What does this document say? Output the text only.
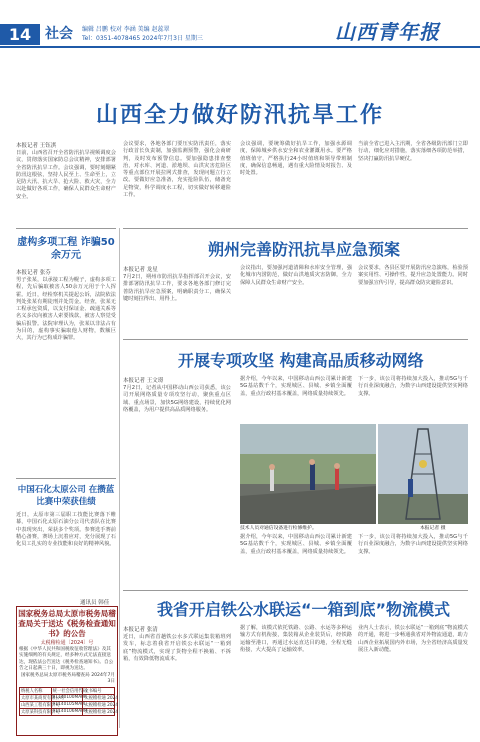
14 社会 编辑 吕鹏 校对 李涵 美编 赵蕊翠
Tel：0351-4078465 2024年7月3日 星期三	山西青年报
山西全力做好防汛抗旱工作
本报记者 王钰淇
日前，山西省召开全省防汛抗旱视频调度会议，贯彻落实国家防总会议精神，安排部署全省防汛抗旱工作。会议强调，要时刻绷紧防汛这根弦，坚持人民至上、生命至上，立足防大汛、抗大旱、抢大险、救大灾，全力以赴做好各项工作，确保人民群众生命财产安全。
会议要求，各地各部门要压实防汛责任，落实行政首长负责制，加强监测预警，强化会商研判，及时发布预警信息。要加强隐患排查整治，对水库、河道、淤地坝、山洪灾害危险区等重点部位开展拉网式排查，发现问题立行立改。要做好应急准备，充实抢险队伍，储备充足物资，科学调度水工程，切实做好转移避险工作。
会议强调，要统筹做好抗旱工作，加强水源调度，保障城乡供水安全和农业灌溉用水。要严格值班值守，严格执行24小时值班和领导带班制度，确保信息畅通，遇有重大险情及时报告、及时处置。
当前全省已进入主汛期，全省各级防汛部门立即行动，细化应对措施，落实落细各项防范举措，坚决打赢防汛抗旱硬仗。
虚构多项工程 诈骗50余万元
本报记者 张芬
男子张某，以承接工程为幌子，虚构多项工程，先后骗取被害人50余万元用于个人挥霍。近日，经检察机关提起公诉，法院依法判处张某有期徒刑并处罚金。经查，张某无工程承包资质，以支付保证金、疏通关系等名义多次向被害人索要钱款，被害人察觉受骗后报警。法院审理认为，张某以非法占有为目的，虚构事实骗取他人财物，数额巨大，其行为已构成诈骗罪。
中国石化太原公司 在攒蓝比赛中荣获佳绩
近日，太原市第三届职工技能比赛落下帷幕，中国石化太原石油分公司代表队在比赛中表现突出，荣获多个奖项。参赛选手赛前精心备赛，赛场上沉着应对，充分展现了石化员工扎实的专业技能和良好的精神风貌。
通讯员 韩佳
国家税务总局太原市税务局稽查局关于送达《税务检查通知书》的公告
太税稽检通〔2024〕号
根据《中华人民共和国税收征收管理法》及其实施细则的有关规定，经多种方式无法直接送达，现依法公告送达《税务检查通知书》。自公告之日起满三十日，即视为送达。
国家税务总局太原市税务局稽查局 2024年7月3日
纳税人名称	统一社会信用代码	文书编号
太原市某商贸有限公司	91140100MA0K	太税稽检通 2024
山西某工程有限公司	91140105MA0L	太税稽检通 2024
太原某科技有限公司	91140106MA0M	太税稽检通 2024
朔州完善防汛抗旱应急预案
本报记者 龙星
7月2日，朔州市防汛抗旱指挥部召开会议，安排部署防汛抗旱工作，要求各地各部门修订完善防汛抗旱应急预案，明确职责分工，确保关键时刻拉得出、用得上。
会议指出，要加强河道清障和水库安全管理，强化城市内涝防范，做好山洪地质灾害防御，全力保障人民群众生命财产安全。
会议要求，各县区要开展防汛应急演练，检验预案实用性、可操作性，提升应急处置能力。同时要加强宣传引导，提高群众防灾避险意识。
开展专项攻坚 构建高品质移动网络
本报记者 王文璟
7月2日，记者从中国移动山西公司获悉，该公司开展网络质量专项攻坚行动，聚焦重点区域、重点场景，加快5G网络建设，持续优化网络覆盖，为用户提供高品质网络服务。
据介绍，今年以来，中国移动山西公司累计新建5G基站数千个，实现城区、县城、乡镇全面覆盖，重点行政村基本覆盖，网络质量持续领先。
下一步，该公司将持续加大投入，推动5G与千行百业深度融合，为数字山西建设提供坚实网络支撑。
技术人员对通信设备进行检修维护。	本报记者 摄
据介绍，今年以来，中国移动山西公司累计新建5G基站数千个，实现城区、县城、乡镇全面覆盖，重点行政村基本覆盖，网络质量持续领先。
下一步，该公司将持续加大投入，推动5G与千行百业深度融合，为数字山西建设提供坚实网络支撑。
我省开启铁公水联运“一箱到底”物流模式
本报记者 张清
近日，山西省首趟铁公水多式联运集装箱班列发车，标志着我省开启铁公水联运“一箱到底”物流模式，实现了货物全程不换箱、不拆箱，有效降低物流成本。
据了解，该模式依托铁路、公路、水运等多种运输方式有机衔接，集装箱从企业装货后，经铁路运输至港口，再通过水运直达目的地，全程无缝衔接，大大提高了运输效率。
业内人士表示，铁公水联运“一箱到底”物流模式的开通，将进一步畅通我省对外物流通道，助力山西企业拓展国内外市场，为全省经济高质量发展注入新动能。
